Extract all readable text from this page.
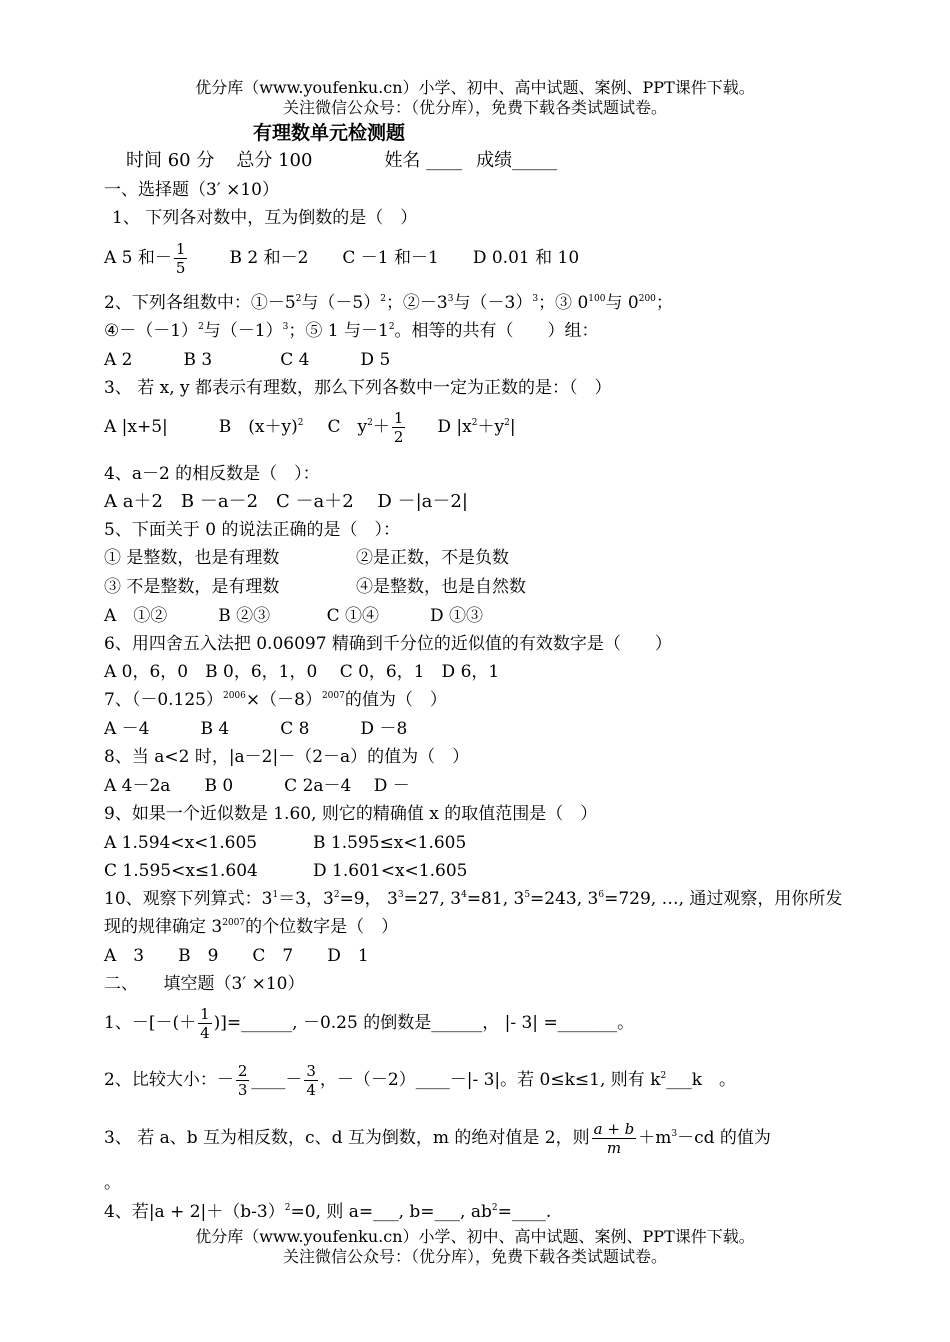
优分库（www.youfenku.cn）小学、初中、高中试题、案例、PPT课件下载。
关注微信公众号：（优分库），免费下载各类试题试卷。
有理数单元检测题
时间 60 分 总分 100	姓名 ____ 成绩_____
一、选择题（3′ ×10）
1、 下列各对数中，互为倒数的是（　）
A 5 和－ $\frac{1}{5}$ B 2 和－2　　C －1 和－1　　D 0.01 和 10
2、下列各组数中：$①-5^2$与$(-5)^2$；$②-3^3$与$(-3)^3$；③ $0^{100}$与 $0^{200}$；
$④-(-1)^2$与$(-1)^3$；⑤ 1 与$-1^2$。相等的共有（　　）组：
A 2　　　B 3　　　　C 4　　　D 5
3、 若 x, y 都表示有理数，那么下列各数中一定为正数的是：（　）
A |x+5|　　　B　$(x+y)^2$ C　$y^2+ \frac{1}{2}$ D $|x^2+y^2|$
4、a－2 的相反数是（　）：
A a＋2　B －a－2　C －a＋2　 D －|a－2|
5、下面关于 0 的说法正确的是（　）：
① 是整数，也是有理数	②是正数，不是负数
③ 不是整数，是有理数	④是整数，也是自然数
A　①②　　　B ②③　　　 C ①④　　　D ①③
6、用四舍五入法把 0.06097 精确到千分位的近似值的有效数字是（　　）
A 0，6，0　B 0，6，1，0　 C 0，6，1　D 6，1
7、$(-0.125)^{2006}\times(-8)^{2007}$的值为（　）
A －4　　　B 4　　　C 8　　　D －8
8、当 a<2 时，|a－2|－（2－a）的值为（　）
A 4－2a　　B 0　　　C 2a－4　 D －
9、如果一个近似数是 1.60, 则它的精确值 x 的取值范围是（　）
A 1.594<x<1.605	B 1.595≤x<1.605
C 1.595<x≤1.604	D 1.601<x<1.605
10、观察下列算式：$3^1=3$，$3^2=9$， $3^3=27$, $3^4=81$, $3^5=243$, $3^6=729$, …, 通过观察，用你所发
现的规律确定 $3^{2007}$的个位数字是（　）
A　3　　B　9　　C　7　　D　1
二、　　填空题（3′ ×10）
1、－[－(＋ $\frac{1}{4}$ )]=______, －0.25 的倒数是______， |- 3| =_______。
2、比较大小：－ $\frac{2}{3}$ ____－ $\frac{3}{4}$ ，－（－2）____－|- 3|。若 0≤k≤1, 则有 $k^2\_\_\_k$　。
3、 若 a、b 互为相反数，c、d 互为倒数，m 的绝对值是 2，则 $\frac{a + b}{m} +m^3-cd$ 的值为
。
4、若$|a + 2|+(b-3)^2=0$, 则 a=___, b=___, $ab^2=\_\_\_\_$.
优分库（www.youfenku.cn）小学、初中、高中试题、案例、PPT课件下载。
关注微信公众号：（优分库），免费下载各类试题试卷。
